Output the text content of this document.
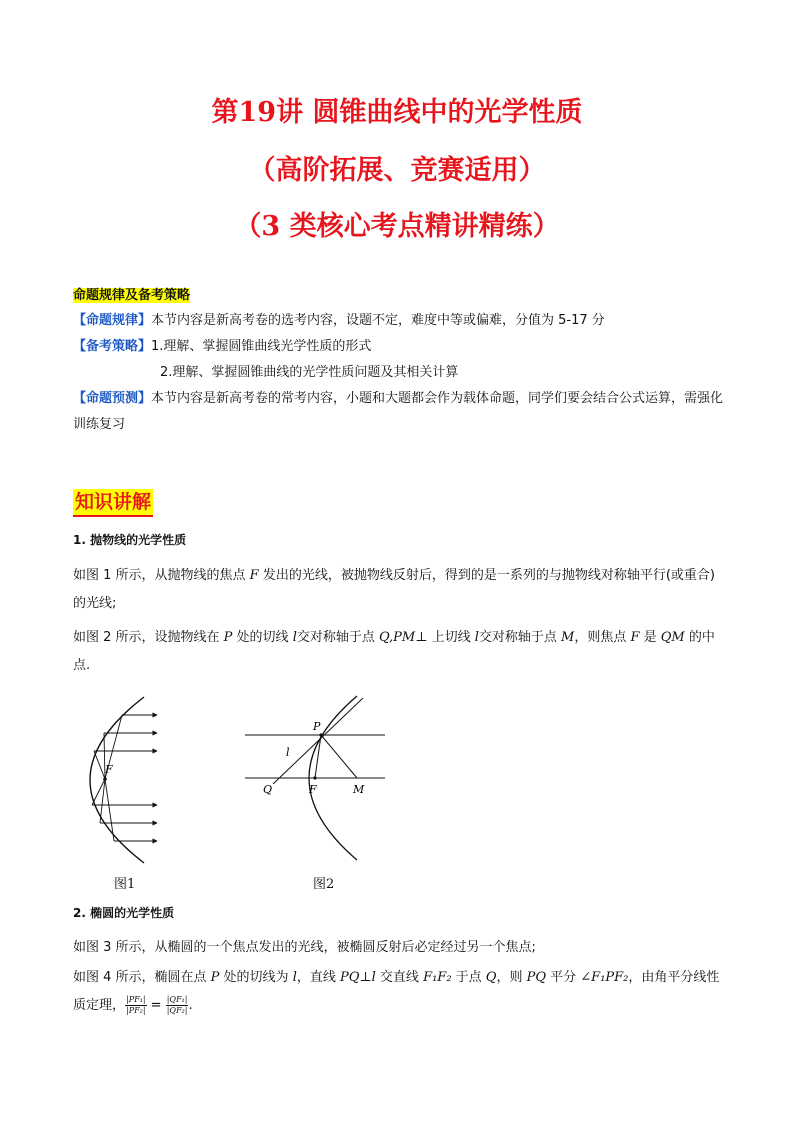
第19讲 圆锥曲线中的光学性质
（高阶拓展、竞赛适用）
（3 类核心考点精讲精练）
命题规律及备考策略
【命题规律】本节内容是新高考卷的选考内容，设题不定，难度中等或偏难，分值为 5-17 分
【备考策略】1.理解、掌握圆锥曲线光学性质的形式
2.理解、掌握圆锥曲线的光学性质问题及其相关计算
【命题预测】本节内容是新高考卷的常考内容，小题和大题都会作为载体命题，同学们要会结合公式运算，需强化训练复习
知识讲解
1. 抛物线的光学性质
如图 1 所示，从抛物线的焦点 F 发出的光线，被抛物线反射后，得到的是一系列的与抛物线对称轴平行(或重合) 的光线;
如图 2 所示，设抛物线在 P 处的切线 l交对称轴于点 Q,PM⊥ 上切线 l交对称轴于点 M，则焦点 F 是 QM 的中点.
F
P
l
Q	F	M
图1	图2
2. 椭圆的光学性质
如图 3 所示，从椭圆的一个焦点发出的光线，被椭圆反射后必定经过另一个焦点;
如图 4 所示，椭圆在点 P 处的切线为 l，直线 PQ⊥l 交直线 F₁F₂ 于点 Q，则 PQ 平分 ∠F₁PF₂，由角平分线性质定理， $\frac{\text{|PF₁|}}{\text{|PF₂|}} = \frac{\text{|QF₁|}}{\text{|QF₂|}}$ .
